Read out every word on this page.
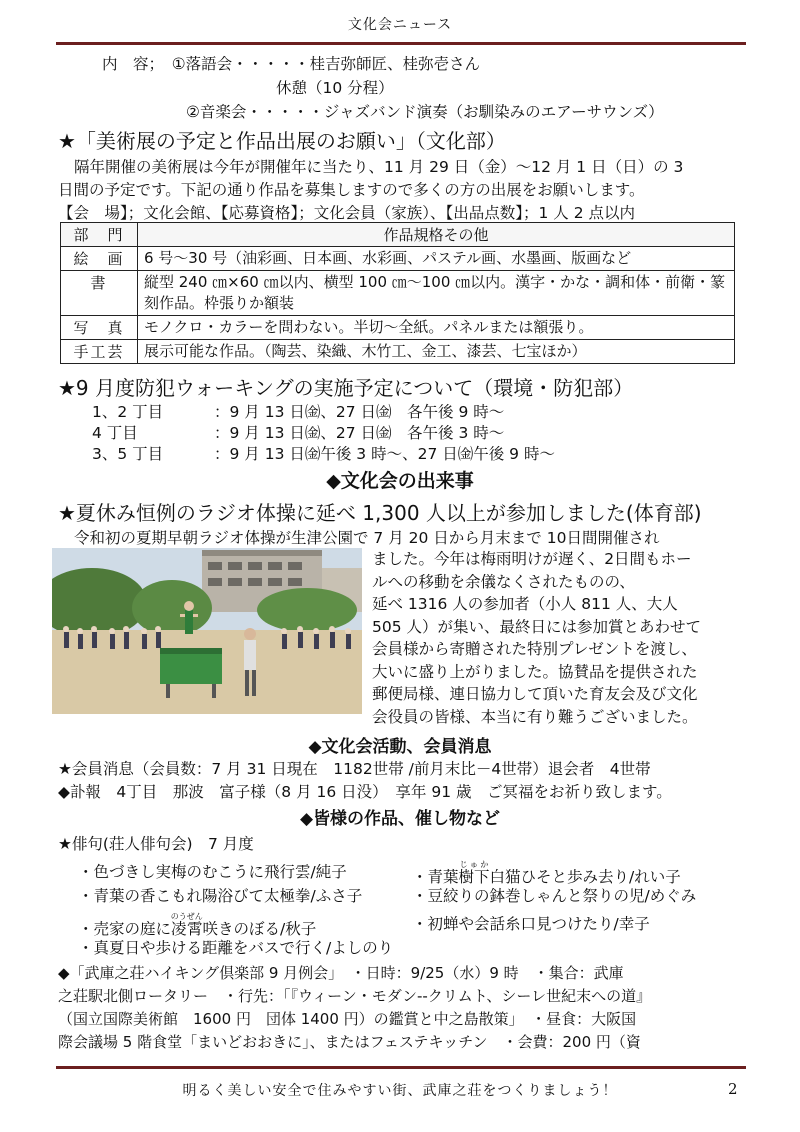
文化会ニュース
内　容；　①落語会・・・・・桂吉弥師匠、桂弥壱さん
休憩（10 分程）
②音楽会・・・・・ジャズバンド演奏（お馴染みのエアーサウンズ）
★「美術展の予定と作品出展のお願い」（文化部）
隔年開催の美術展は今年が開催年に当たり、11 月 29 日（金）～12 月 1 日（日）の 3
日間の予定です。下記の通り作品を募集しますので多くの方の出展をお願いします。
【会　場】；文化会館、【応募資格】；文化会員（家族）、【出品点数】；1 人 2 点以内
部　門	作品規格その他
絵　画	6 号～30 号（油彩画、日本画、水彩画、パステル画、水墨画、版画など
書	縦型 240 ㎝×60 ㎝以内、横型 100 ㎝～100 ㎝以内。漢字・かな・調和体・前衛・篆刻作品。枠張りか額装
写　真	モノクロ・カラーを問わない。半切～全紙。パネルまたは額張り。
手工芸	展示可能な作品。（陶芸、染織、木竹工、金工、漆芸、七宝ほか）
★9 月度防犯ウォーキングの実施予定について（環境・防犯部）
1、2 丁目	：9 月 13 日㈮、27 日㈮　各午後 9 時～
4 丁目	：9 月 13 日㈮、27 日㈮　各午後 3 時～
3、5 丁目	：9 月 13 日㈮午後 3 時～、27 日㈮午後 9 時～
◆文化会の出来事
★夏休み恒例のラジオ体操に延べ 1,300 人以上が参加しました(体育部)
令和初の夏期早朝ラジオ体操が生津公園で 7 月 20 日から月末まで 10日間開催され
ました。今年は梅雨明けが遅く、2日間もホー
ルへの移動を余儀なくされたものの、
延べ 1316 人の参加者（小人 811 人、大人
505 人）が集い、最終日には参加賞とあわせて
会員様から寄贈された特別プレゼントを渡し、
大いに盛り上がりました。協賛品を提供された
郵便局様、連日協力して頂いた育友会及び文化
会役員の皆様、本当に有り難うございました。
◆文化会活動、会員消息
★会員消息（会員数：7 月 31 日現在　1182世帯 /前月末比－4世帯）退会者　4世帯
◆訃報　4丁目　那波　富子様（8 月 16 日没）　享年 91 歳　ご冥福をお祈り致します。
◆皆様の作品、催し物など
★俳句(荘人俳句会)　7 月度
・色づきし実梅のむこうに飛行雲/純子	・青葉樹下じゅか白猫ひそと歩み去り/れい子
・青葉の香こもれ陽浴びて太極拳/ふさ子	・豆絞りの鉢巻しゃんと祭りの児/めぐみ
・売家の庭に凌霄のうぜん咲きのぼる/秋子	・初蝉や会話糸口見つけたり/幸子
・真夏日や歩ける距離をバスで行く/よしのり
◆「武庫之荘ハイキング倶楽部 9 月例会」　・日時：9/25（水）9 時　・集合：武庫
之荘駅北側ロータリー　・行先：「『ウィーン・モダン--クリムト、シーレ世紀末への道』
（国立国際美術館　1600 円　団体 1400 円）の鑑賞と中之島散策」　・昼食：大阪国
際会議場 5 階食堂「まいどおおきに」、またはフェステキッチン　・会費：200 円（資
明るく美しい安全で住みやすい街、武庫之荘をつくりましょう！	2
